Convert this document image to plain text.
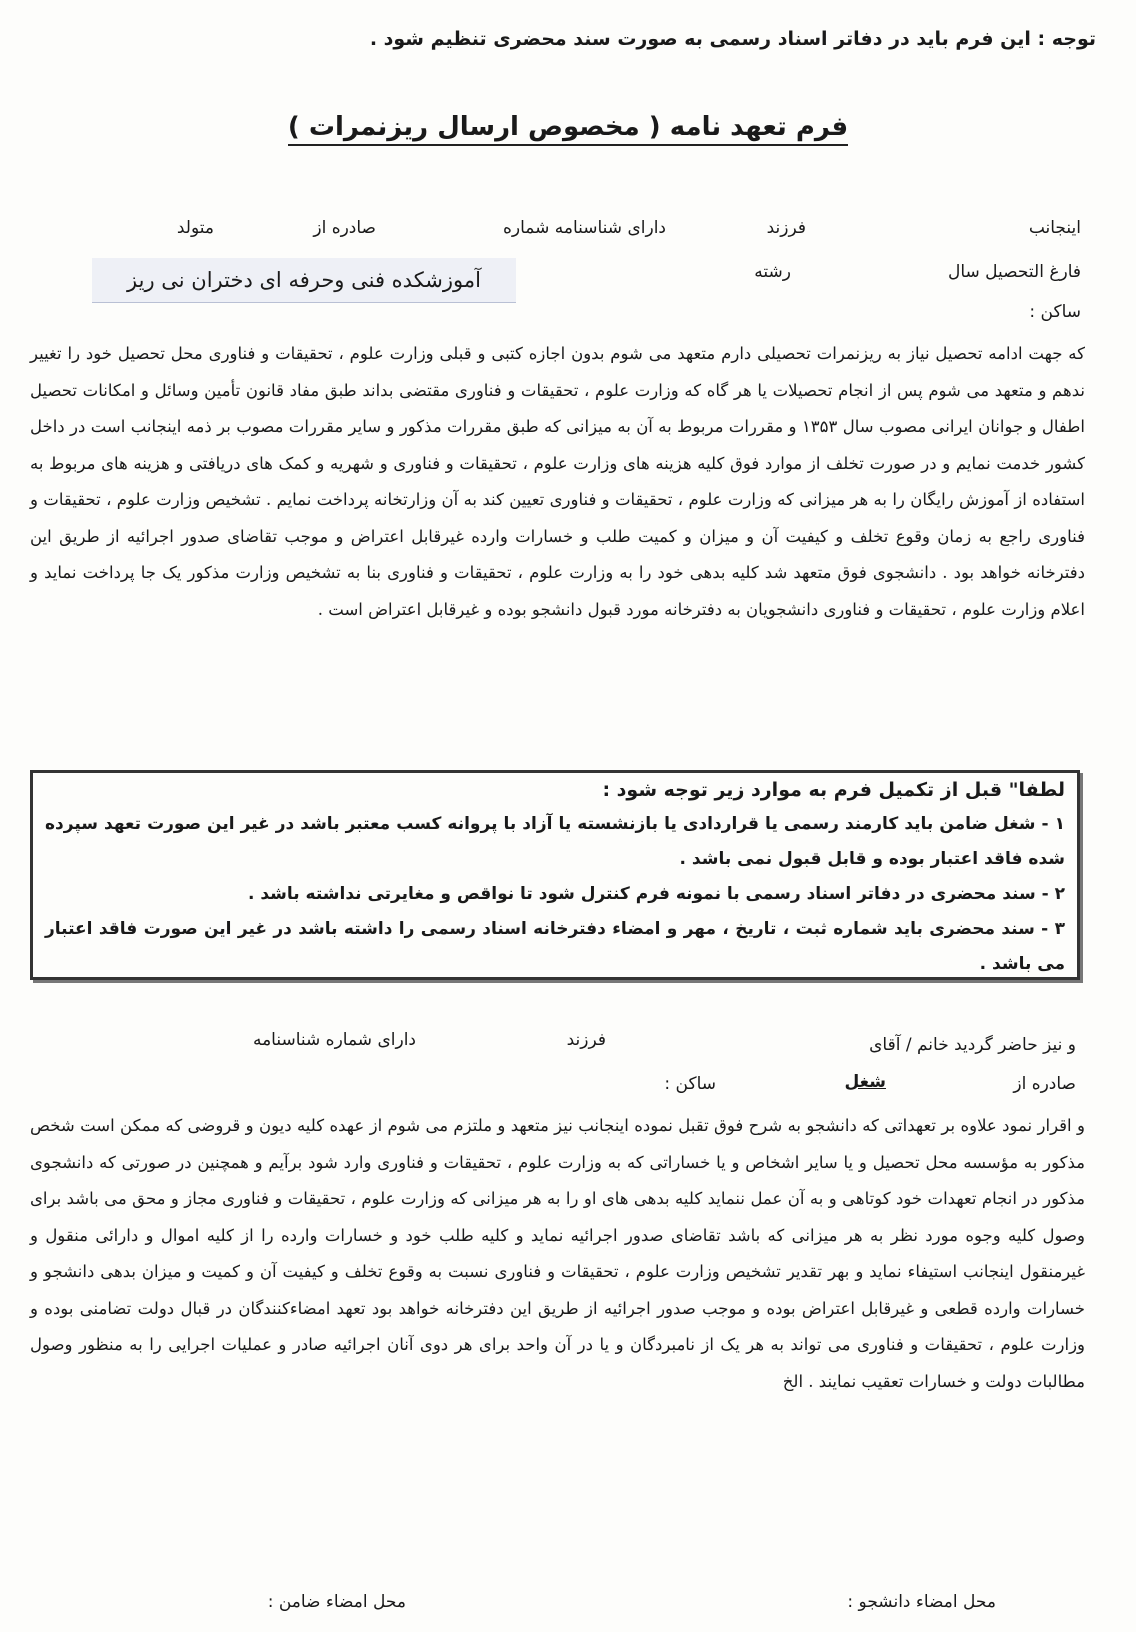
توجه : این فرم باید در دفاتر اسناد رسمی به صورت سند محضری تنظیم شود .
فرم تعهد نامه ( مخصوص ارسال ریزنمرات )
اینجانب
فرزند
دارای شناسنامه شماره
صادره از
متولد
فارغ التحصیل سال
رشته
آموزشکده فنی وحرفه ای دختران نی ریز
ساکن :
که جهت ادامه تحصیل نیاز به ریزنمرات تحصیلی دارم متعهد می شوم بدون اجازه کتبی و قبلی وزارت علوم ، تحقیقات و فناوری محل تحصیل خود را تغییر ندهم و متعهد می شوم پس از انجام تحصیلات یا هر گاه که وزارت علوم ، تحقیقات و فناوری مقتضی بداند طبق مفاد قانون تأمین وسائل و امکانات تحصیل اطفال و جوانان ایرانی مصوب سال ۱۳۵۳ و مقررات مربوط به آن به میزانی که طبق مقررات مذکور و سایر مقررات مصوب بر ذمه اینجانب است در داخل کشور خدمت نمایم و در صورت تخلف از موارد فوق کلیه هزینه های وزارت علوم ، تحقیقات و فناوری و شهریه و کمک های دریافتی و هزینه های مربوط به استفاده از آموزش رایگان را به هر میزانی که وزارت علوم ، تحقیقات و فناوری تعیین کند به آن وزارتخانه پرداخت نمایم . تشخیص وزارت علوم ، تحقیقات و فناوری راجع به زمان وقوع تخلف و کیفیت آن و میزان و کمیت طلب و خسارات وارده غیرقابل اعتراض و موجب تقاضای صدور اجرائیه از طریق این دفترخانه خواهد بود . دانشجوی فوق متعهد شد کلیه بدهی خود را به وزارت علوم ، تحقیقات و فناوری بنا به تشخیص وزارت مذکور یک جا پرداخت نماید و اعلام وزارت علوم ، تحقیقات و فناوری دانشجویان به دفترخانه مورد قبول دانشجو بوده و غیرقابل اعتراض است .
لطفا" قبل از تکمیل فرم به موارد زیر توجه شود :
۱ - شغل ضامن باید کارمند رسمی یا قراردادی یا بازنشسته یا آزاد با پروانه کسب معتبر باشد در غیر این صورت تعهد سپرده شده فاقد اعتبار بوده و قابل قبول نمی باشد .
۲ - سند محضری در دفاتر اسناد رسمی با نمونه فرم کنترل شود تا نواقص و مغایرتی نداشته باشد .
۳ - سند محضری باید شماره ثبت ، تاریخ ، مهر و امضاء دفترخانه اسناد رسمی را داشته باشد در غیر این صورت فاقد اعتبار می باشد .
و نیز حاضر گردید خانم / آقای
فرزند
دارای شماره شناسنامه
صادره از
شغل
ساکن :
و اقرار نمود علاوه بر تعهداتی که دانشجو به شرح فوق تقبل نموده اینجانب نیز متعهد و ملتزم می شوم از عهده کلیه دیون و قروضی که ممکن است شخص مذکور به مؤسسه محل تحصیل و یا سایر اشخاص و یا خساراتی که به وزارت علوم ، تحقیقات و فناوری وارد شود برآیم و همچنین در صورتی که دانشجوی مذکور در انجام تعهدات خود کوتاهی و به آن عمل ننماید کلیه بدهی های او را به هر میزانی که وزارت علوم ، تحقیقات و فناوری مجاز و محق می باشد برای وصول کلیه وجوه مورد نظر به هر میزانی که باشد تقاضای صدور اجرائیه نماید و کلیه طلب خود و خسارات وارده را از کلیه اموال و دارائی منقول و غیرمنقول اینجانب استیفاء نماید و بهر تقدیر تشخیص وزارت علوم ، تحقیقات و فناوری نسبت به وقوع تخلف و کیفیت آن و کمیت و میزان بدهی دانشجو و خسارات وارده قطعی و غیرقابل اعتراض بوده و موجب صدور اجرائیه از طریق این دفترخانه خواهد بود تعهد امضاءکنندگان در قبال دولت تضامنی بوده و وزارت علوم ، تحقیقات و فناوری می تواند به هر یک از نامبردگان و یا در آن واحد برای هر دوی آنان اجرائیه صادر و عملیات اجرایی را به منظور وصول مطالبات دولت و خسارات تعقیب نمایند . الخ
محل امضاء دانشجو :
محل امضاء ضامن :
